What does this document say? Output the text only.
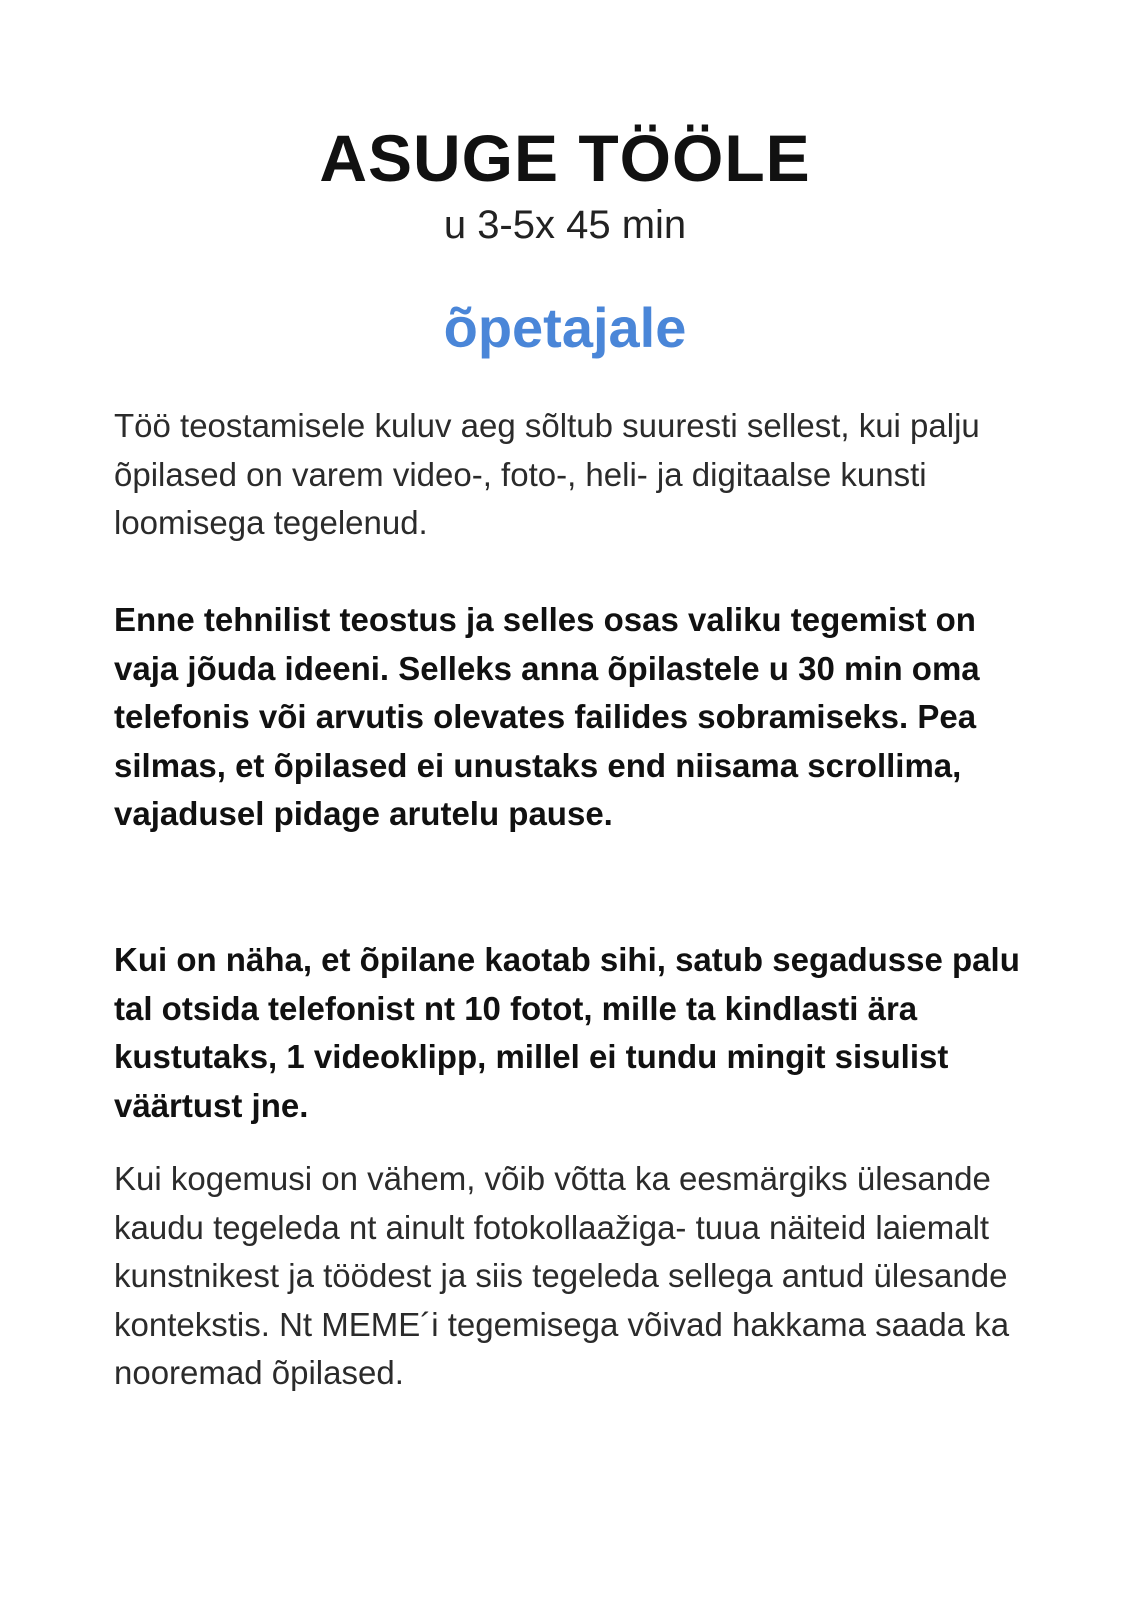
ASUGE TÖÖLE
u 3-5x 45 min
õpetajale

Töö teostamisele kuluv aeg sõltub suuresti sellest, kui palju õpilased on varem video-, foto-, heli- ja digitaalse kunsti loomisega tegelenud.

Enne tehnilist teostus ja selles osas valiku tegemist on vaja jõuda ideeni. Selleks anna õpilastele u 30 min oma telefonis või arvutis olevates failides sobramiseks. Pea silmas, et õpilased ei unustaks end niisama scrollima, vajadusel pidage arutelu pause.

Kui on näha, et õpilane kaotab sihi, satub segadusse palu tal otsida telefonist nt 10 fotot, mille ta kindlasti ära kustutaks, 1 videoklipp, millel ei tundu mingit sisulist väärtust jne.

Kui kogemusi on vähem, võib võtta ka eesmärgiks ülesande kaudu tegeleda nt ainult fotokollaažiga- tuua näiteid laiemalt kunstnikest ja töödest ja siis tegeleda sellega antud ülesande kontekstis. Nt MEME´i tegemisega võivad hakkama saada ka nooremad õpilased.
